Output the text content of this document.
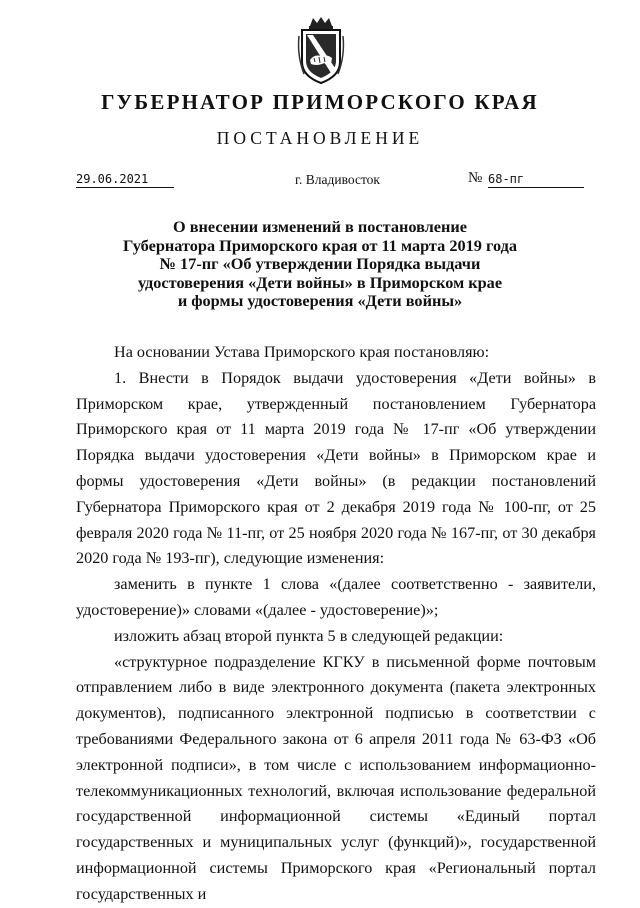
ГУБЕРНАТОР ПРИМОРСКОГО КРАЯ
ПОСТАНОВЛЕНИЕ
29.06.2021	г. Владивосток	№ 68-пг
О внесении изменений в постановление
Губернатора Приморского края от 11 марта 2019 года
№ 17-пг «Об утверждении Порядка выдачи
удостоверения «Дети войны» в Приморском крае
и формы удостоверения «Дети войны»

На основании Устава Приморского края постановляю:

1. Внести в Порядок выдачи удостоверения «Дети войны» в Приморском крае, утвержденный постановлением Губернатора Приморского края от 11 марта 2019 года № 17-пг «Об утверждении Порядка выдачи удостоверения «Дети войны» в Приморском крае и формы удостоверения «Дети войны» (в редакции постановлений Губернатора Приморского края от 2 декабря 2019 года № 100-пг, от 25 февраля 2020 года № 11-пг, от 25 ноября 2020 года № 167-пг, от 30 декабря 2020 года № 193-пг), следующие изменения:

заменить в пункте 1 слова «(далее соответственно - заявители, удостоверение)» словами «(далее - удостоверение)»;

изложить абзац второй пункта 5 в следующей редакции:

«структурное подразделение КГКУ в письменной форме почтовым отправлением либо в виде электронного документа (пакета электронных документов), подписанного электронной подписью в соответствии с требованиями Федерального закона от 6 апреля 2011 года № 63-ФЗ «Об электронной подписи», в том числе с использованием информационно-телекоммуникационных технологий, включая использование федеральной государственной информационной системы «Единый портал государственных и муниципальных услуг (функций)», государственной информационной системы Приморского края «Региональный портал государственных и
